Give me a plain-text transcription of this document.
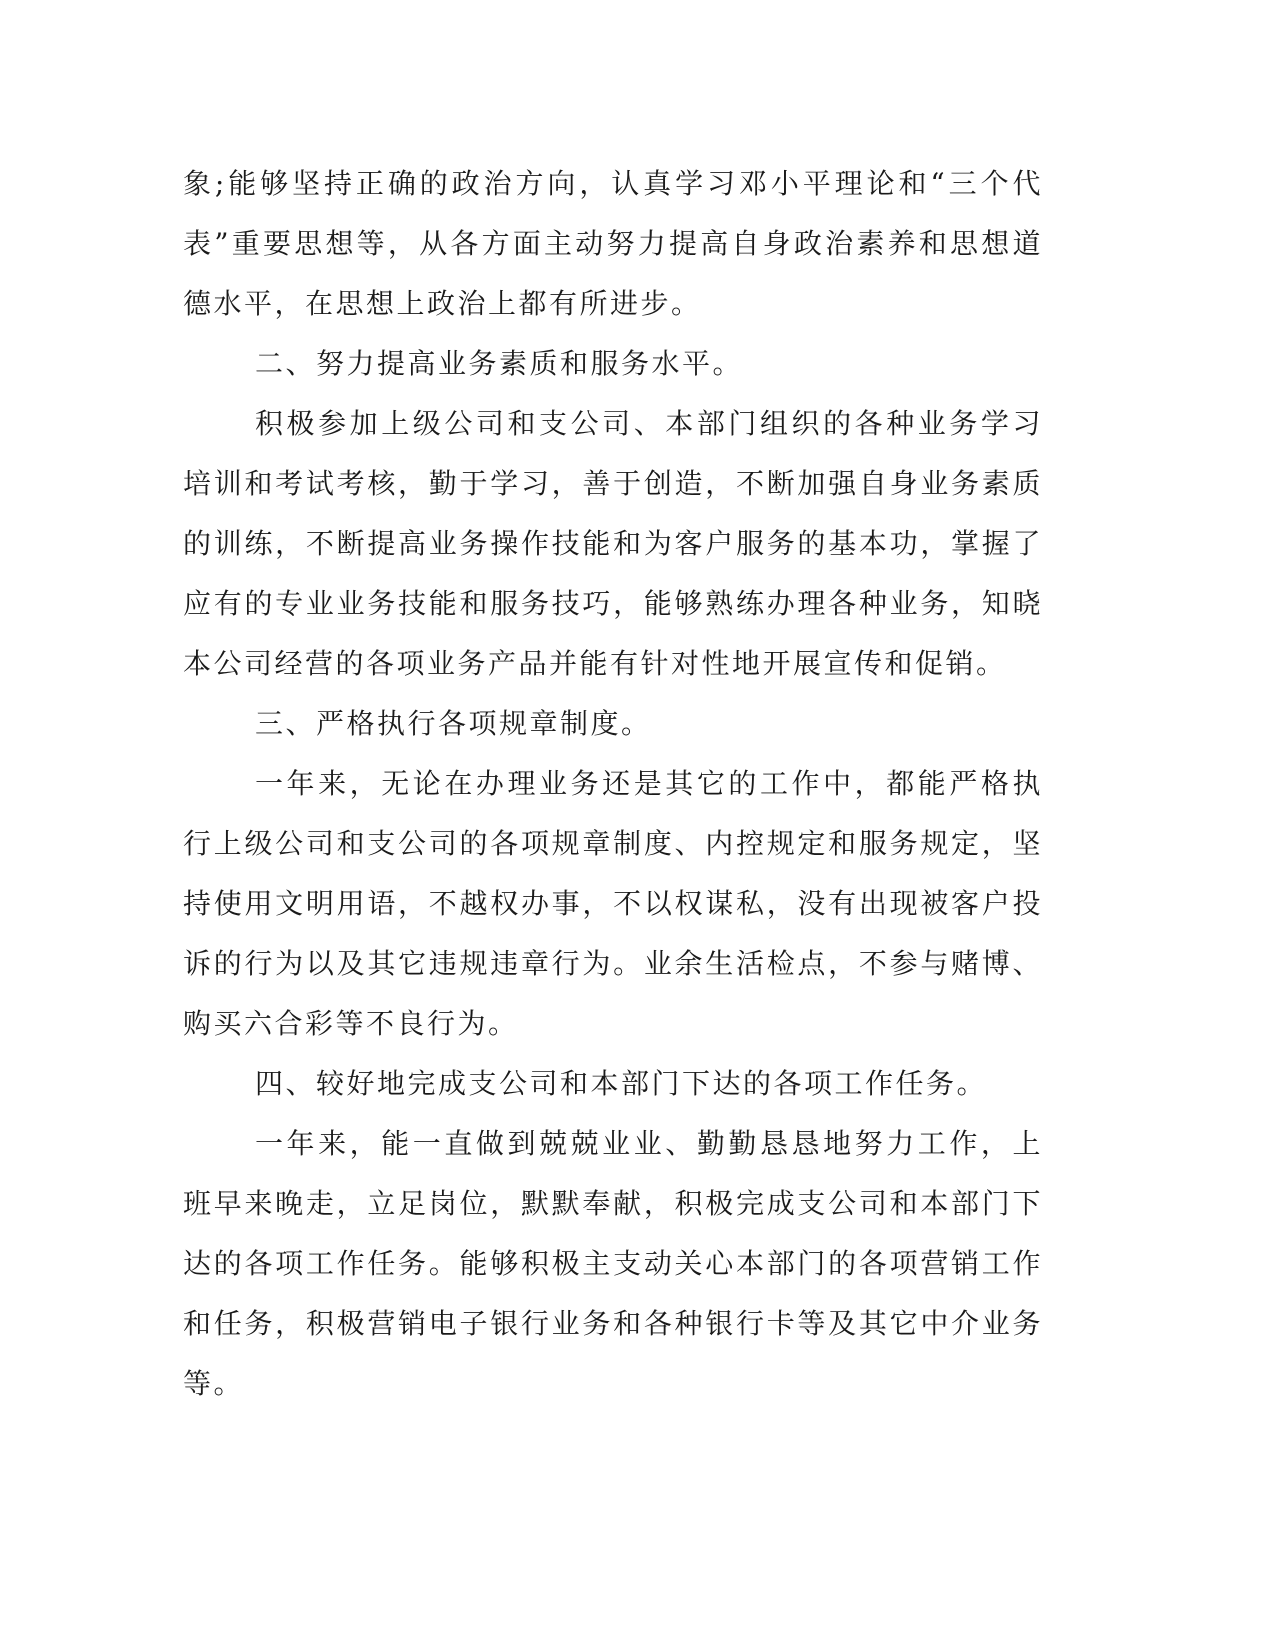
象;能够坚持正确的政治方向，认真学习邓小平理论和“三个代表”重要思想等，从各方面主动努力提高自身政治素养和思想道德水平，在思想上政治上都有所进步。

二、努力提高业务素质和服务水平。

积极参加上级公司和支公司、本部门组织的各种业务学习培训和考试考核，勤于学习，善于创造，不断加强自身业务素质的训练，不断提高业务操作技能和为客户服务的基本功，掌握了应有的专业业务技能和服务技巧，能够熟练办理各种业务，知晓本公司经营的各项业务产品并能有针对性地开展宣传和促销。

三、严格执行各项规章制度。

一年来，无论在办理业务还是其它的工作中，都能严格执行上级公司和支公司的各项规章制度、内控规定和服务规定，坚持使用文明用语，不越权办事，不以权谋私，没有出现被客户投诉的行为以及其它违规违章行为。业余生活检点，不参与赌博、购买六合彩等不良行为。

四、较好地完成支公司和本部门下达的各项工作任务。

一年来，能一直做到兢兢业业、勤勤恳恳地努力工作，上班早来晚走，立足岗位，默默奉献，积极完成支公司和本部门下达的各项工作任务。能够积极主支动关心本部门的各项营销工作和任务，积极营销电子银行业务和各种银行卡等及其它中介业务等。
